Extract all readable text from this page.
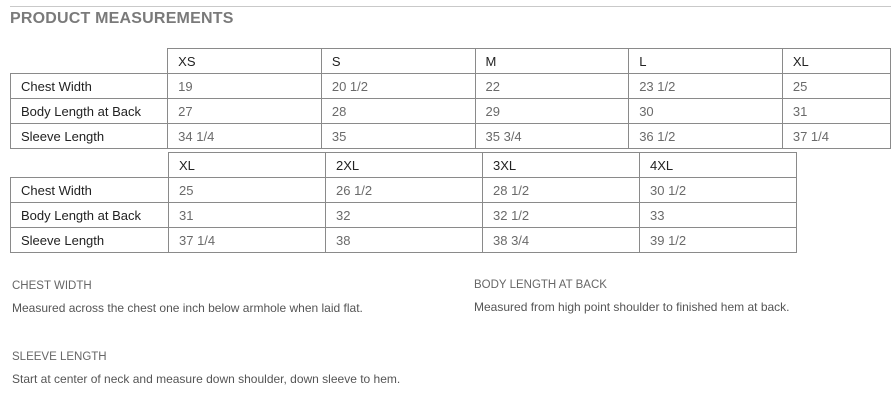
PRODUCT MEASUREMENTS
	XS	S	M	L	XL
Chest Width	19	20 1/2	22	23 1/2	25
Body Length at Back	27	28	29	30	31
Sleeve Length	34 1/4	35	35 3/4	36 1/2	37 1/4
	XL	2XL	3XL	4XL
Chest Width	25	26 1/2	28 1/2	30 1/2
Body Length at Back	31	32	32 1/2	33
Sleeve Length	37 1/4	38	38 3/4	39 1/2
CHEST WIDTH
Measured across the chest one inch below armhole when laid flat.
BODY LENGTH AT BACK
Measured from high point shoulder to finished hem at back.
SLEEVE LENGTH
Start at center of neck and measure down shoulder, down sleeve to hem.
